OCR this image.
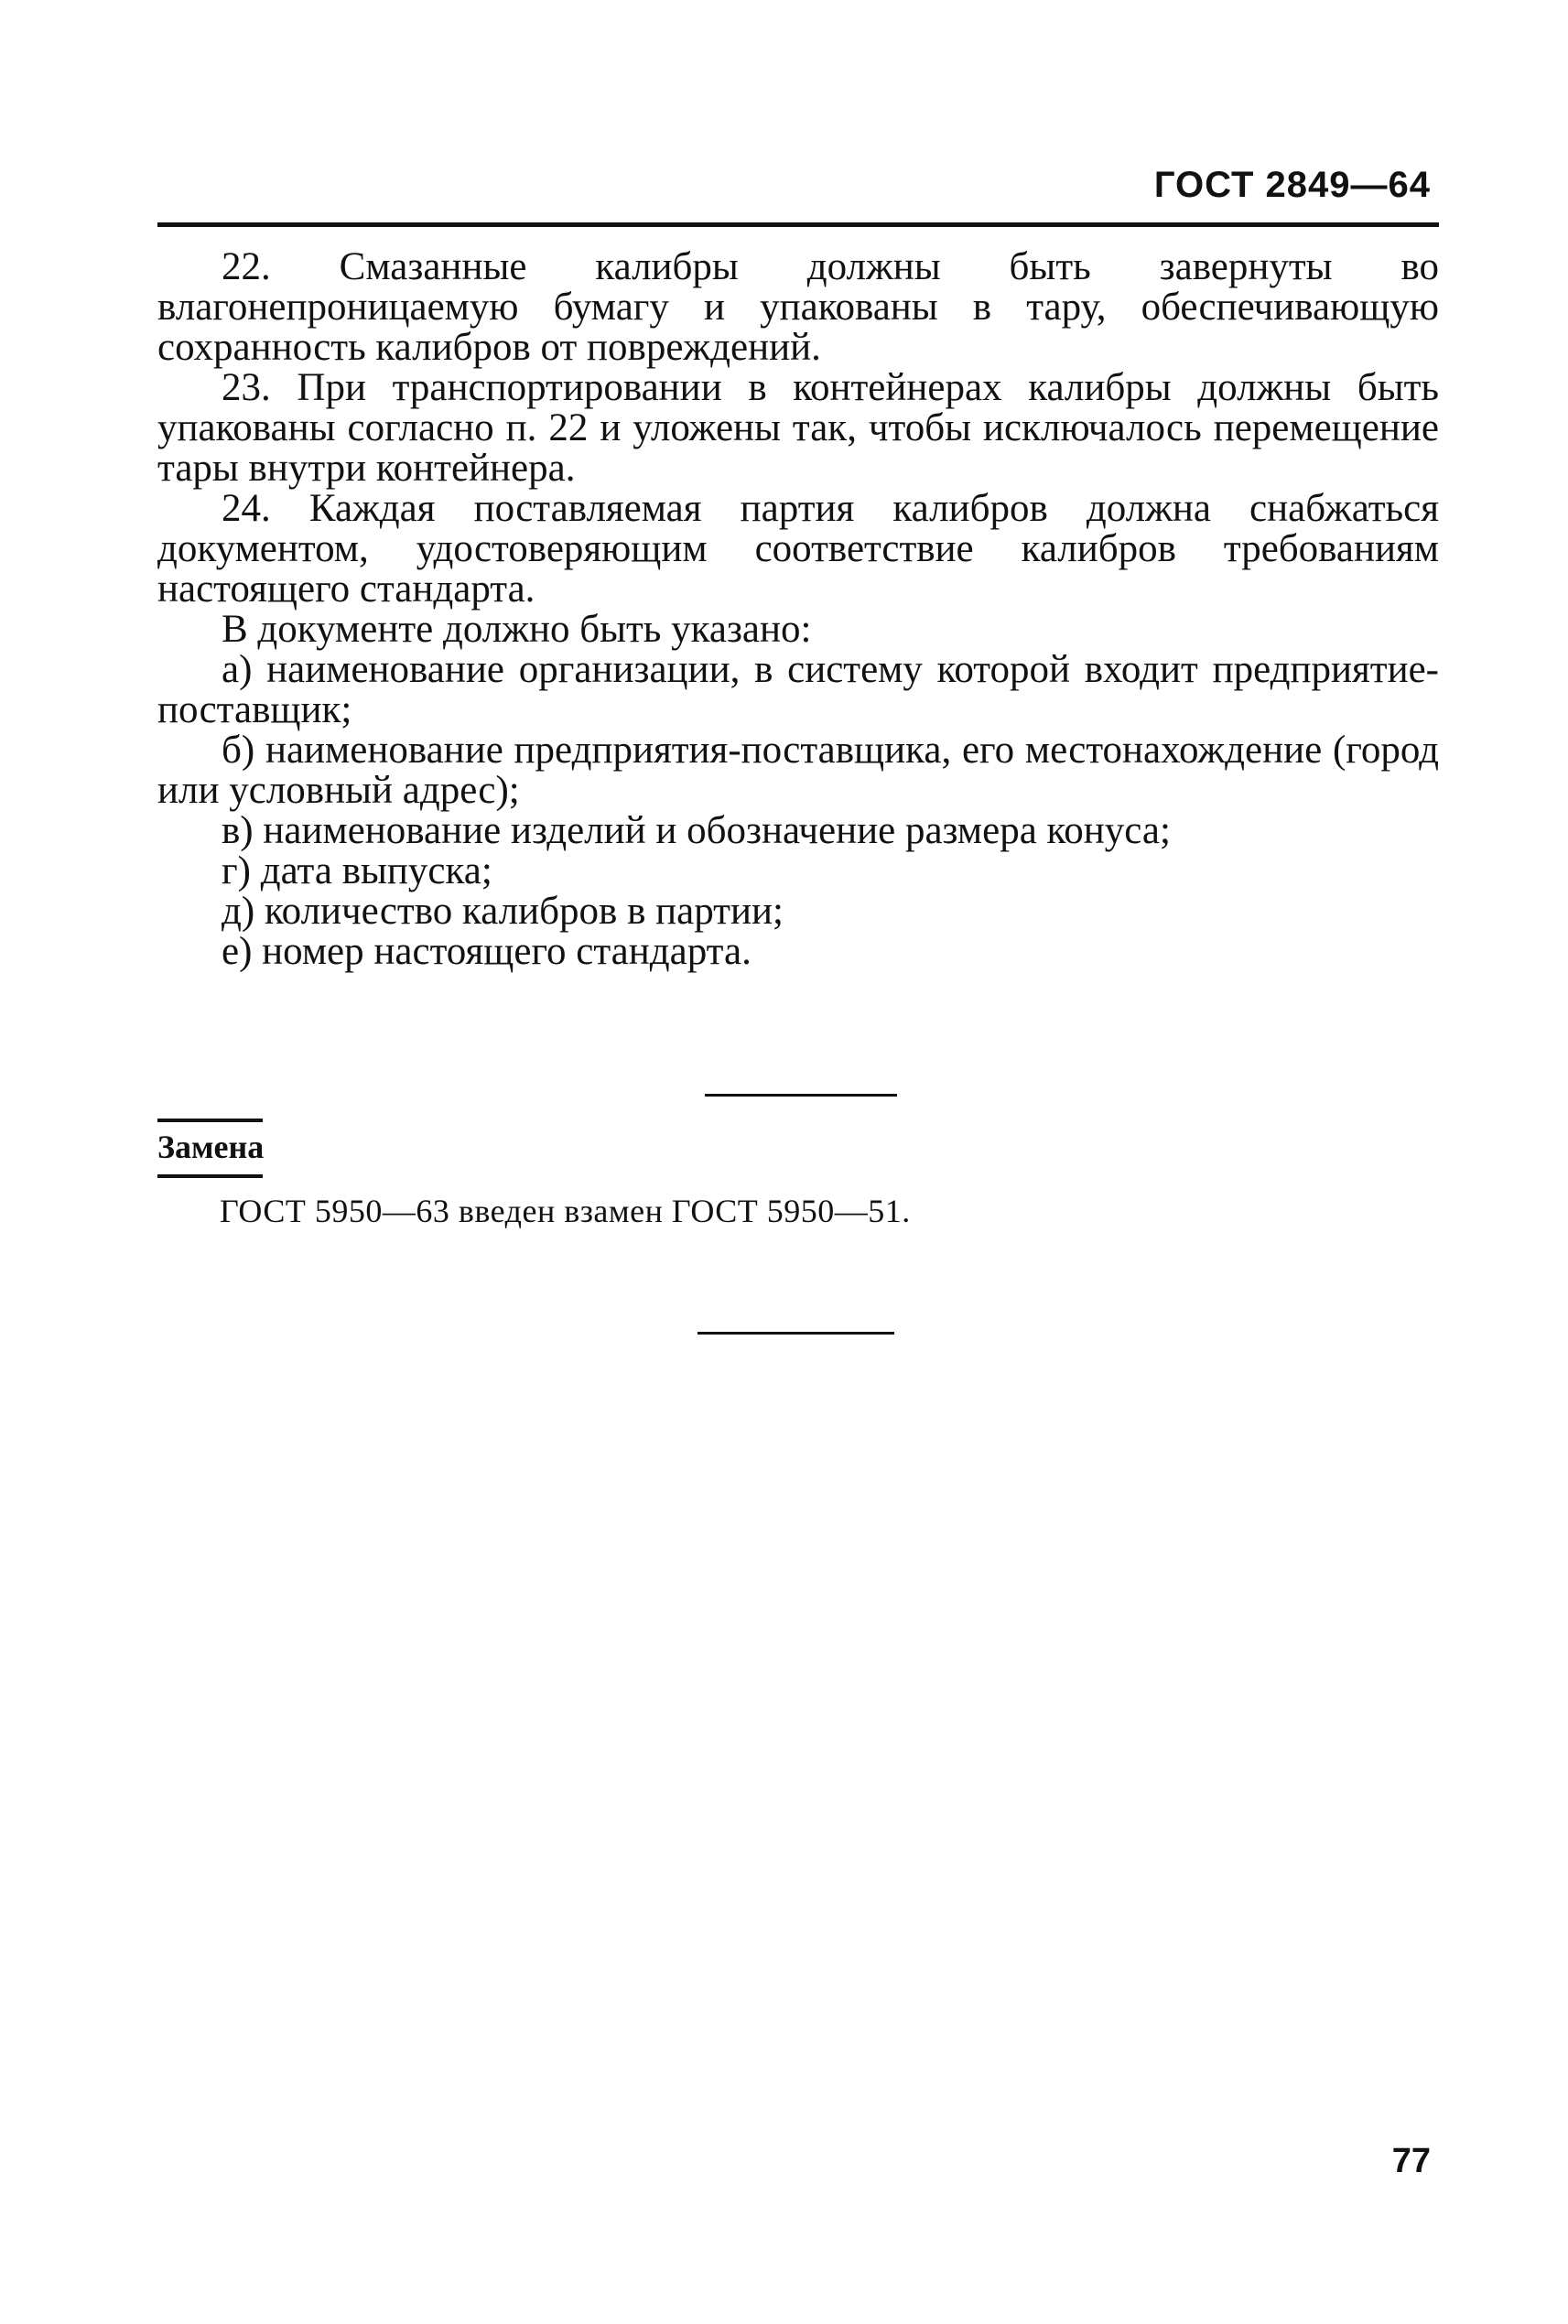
ГОСТ 2849—64

22. Смазанные калибры должны быть завернуты во влагонепроницаемую бумагу и упакованы в тару, обеспечивающую сохранность калибров от повреждений.

23. При транспортировании в контейнерах калибры должны быть упакованы согласно п. 22 и уложены так, чтобы исключалось перемещение тары внутри контейнера.

24. Каждая поставляемая партия калибров должна снабжаться документом, удостоверяющим соответствие калибров требованиям настоящего стандарта.

В документе должно быть указано:

а) наименование организации, в систему которой входит предприятие-поставщик;

б) наименование предприятия-поставщика, его местонахождение (город или условный адрес);

в) наименование изделий и обозначение размера конуса;

г) дата выпуска;

д) количество калибров в партии;

е) номер настоящего стандарта.

Замена
ГОСТ 5950—63 введен взамен ГОСТ 5950—51.
77
